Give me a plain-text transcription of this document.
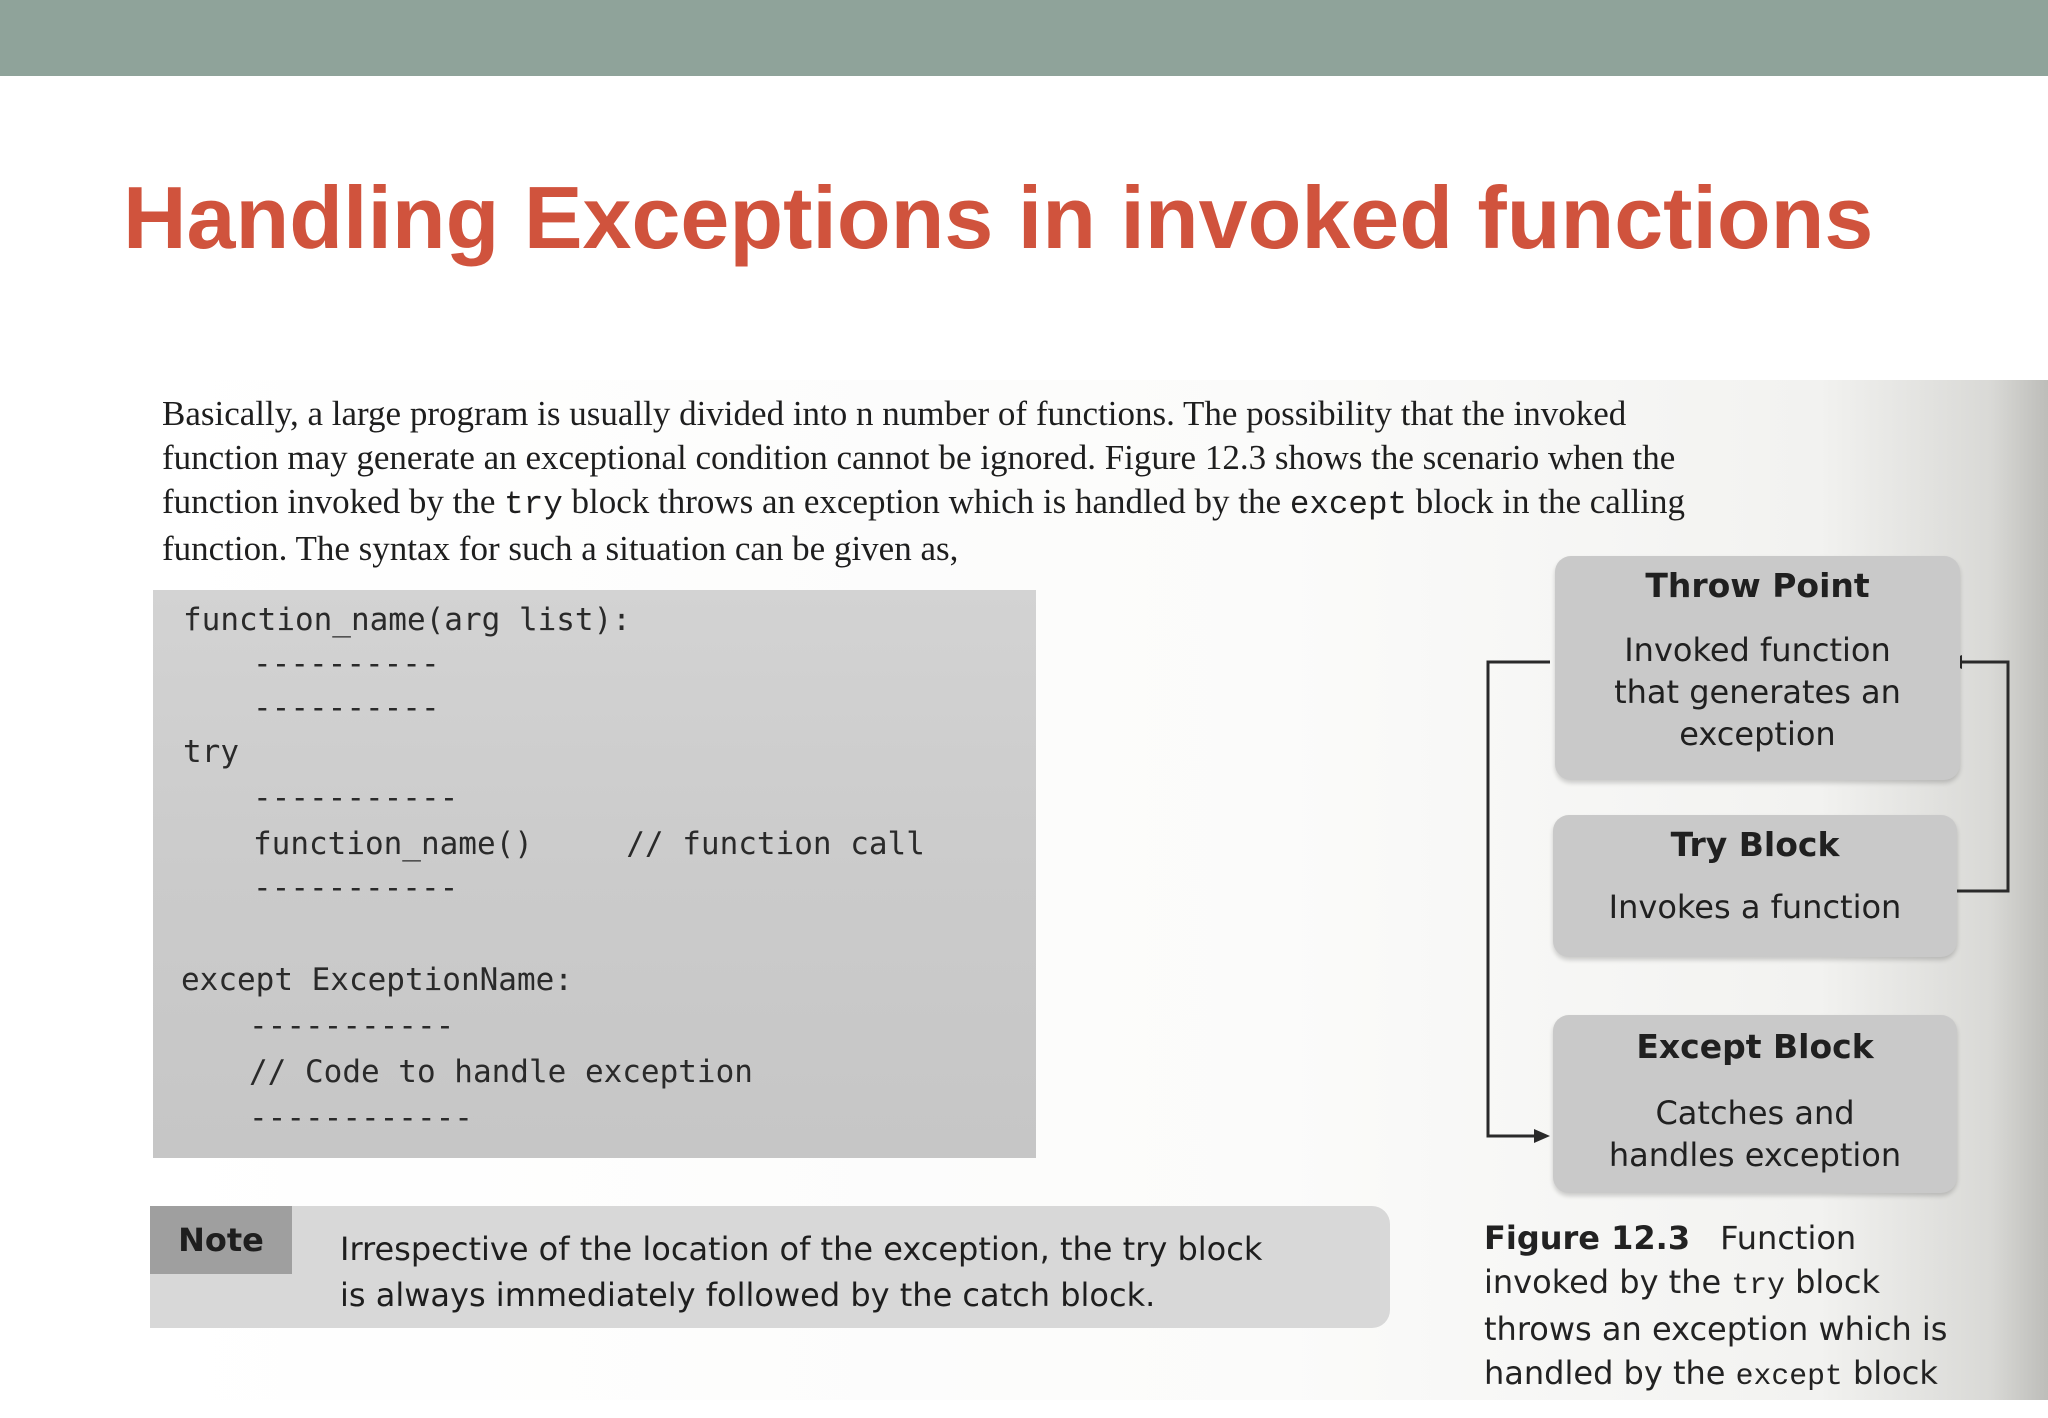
Handling Exceptions in invoked functions
Basically, a large program is usually divided into n number of functions. The possibility that the invoked
function may generate an exceptional condition cannot be ignored. Figure 12.3 shows the scenario when the
function invoked by the try block throws an exception which is handled by the except block in the calling
function. The syntax for such a situation can be given as,
function_name(arg list):
----------
----------
try
-----------
function_name()     // function call
-----------
except ExceptionName:
-----------
// Code to handle exception
------------
Throw Point
Invoked function
that generates an
exception
Try Block
Invokes a function
Except Block
Catches and
handles exception
Note	Irrespective of the location of the exception, the try block
is always immediately followed by the catch block.
Figure 12.3 Function
invoked by the try block
throws an exception which is
handled by the except block
